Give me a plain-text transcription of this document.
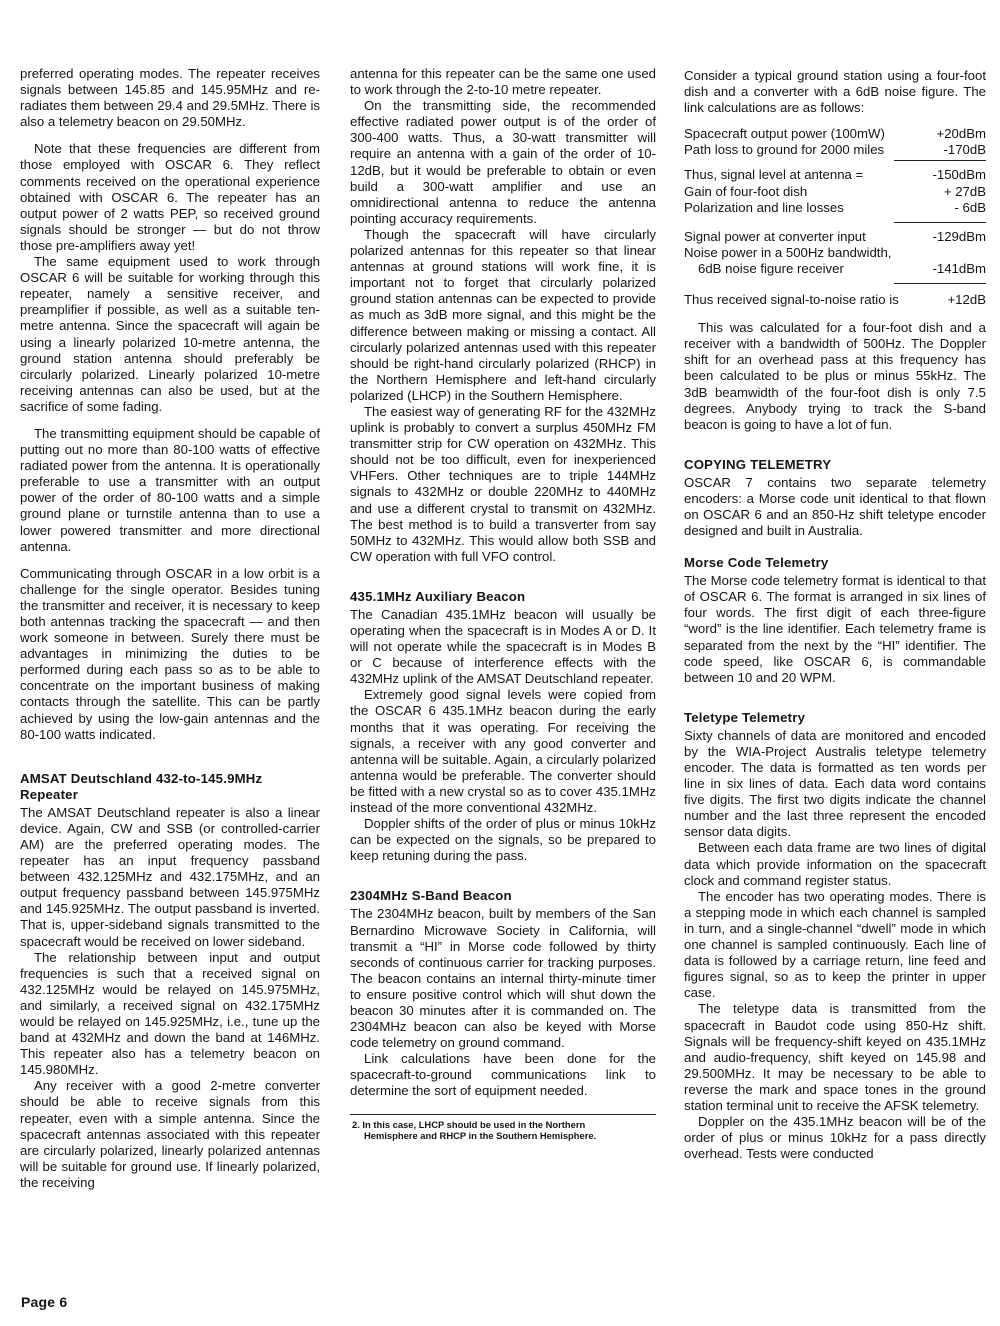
preferred operating modes. The repeater receives signals between 145.85 and 145.95MHz and re-radiates them between 29.4 and 29.5MHz. There is also a telemetry beacon on 29.50MHz.

Note that these frequencies are different from those employed with OSCAR 6. They reflect comments received on the operational experience obtained with OSCAR 6. The repeater has an output power of 2 watts PEP, so received ground signals should be stronger — but do not throw those pre-amplifiers away yet!

The same equipment used to work through OSCAR 6 will be suitable for working through this repeater, namely a sensitive receiver, and preamplifier if possible, as well as a suitable ten-metre antenna. Since the spacecraft will again be using a linearly polarized 10-metre antenna, the ground station antenna should preferably be circularly polarized. Linearly polarized 10-metre receiving antennas can also be used, but at the sacrifice of some fading.

The transmitting equipment should be capable of putting out no more than 80-100 watts of effective radiated power from the antenna. It is operationally preferable to use a transmitter with an output power of the order of 80-100 watts and a simple ground plane or turnstile antenna than to use a lower powered transmitter and more directional antenna.

Communicating through OSCAR in a low orbit is a challenge for the single operator. Besides tuning the transmitter and receiver, it is necessary to keep both antennas tracking the spacecraft — and then work someone in between. Surely there must be advantages in minimizing the duties to be performed during each pass so as to be able to concentrate on the important business of making contacts through the satellite. This can be partly achieved by using the low-gain antennas and the 80-100 watts indicated.

AMSAT Deutschland 432-to-145.9MHz Repeater

The AMSAT Deutschland repeater is also a linear device. Again, CW and SSB (or controlled-carrier AM) are the preferred operating modes. The repeater has an input frequency passband between 432.125MHz and 432.175MHz, and an output frequency passband between 145.975MHz and 145.925MHz. The output passband is inverted. That is, upper-sideband signals transmitted to the spacecraft would be received on lower sideband.

The relationship between input and output frequencies is such that a received signal on 432.125MHz would be relayed on 145.975MHz, and similarly, a received signal on 432.175MHz would be relayed on 145.925MHz, i.e., tune up the band at 432MHz and down the band at 146MHz. This repeater also has a telemetry beacon on 145.980MHz.

Any receiver with a good 2-metre converter should be able to receive signals from this repeater, even with a simple antenna. Since the spacecraft antennas associated with this repeater are circularly polarized, linearly polarized antennas will be suitable for ground use. If linearly polarized, the receiving

antenna for this repeater can be the same one used to work through the 2-to-10 metre repeater.

On the transmitting side, the recommended effective radiated power output is of the order of 300-400 watts. Thus, a 30-watt transmitter will require an antenna with a gain of the order of 10-12dB, but it would be preferable to obtain or even build a 300-watt amplifier and use an omnidirectional antenna to reduce the antenna pointing accuracy requirements.

Though the spacecraft will have circularly polarized antennas for this repeater so that linear antennas at ground stations will work fine, it is important not to forget that circularly polarized ground station antennas can be expected to provide as much as 3dB more signal, and this might be the difference between making or missing a contact. All circularly polarized antennas used with this repeater should be right-hand circularly polarized (RHCP) in the Northern Hemisphere and left-hand circularly polarized (LHCP) in the Southern Hemisphere.

The easiest way of generating RF for the 432MHz uplink is probably to convert a surplus 450MHz FM transmitter strip for CW operation on 432MHz. This should not be too difficult, even for inexperienced VHFers. Other techniques are to triple 144MHz signals to 432MHz or double 220MHz to 440MHz and use a different crystal to transmit on 432MHz. The best method is to build a transverter from say 50MHz to 432MHz. This would allow both SSB and CW operation with full VFO control.

435.1MHz Auxiliary Beacon

The Canadian 435.1MHz beacon will usually be operating when the spacecraft is in Modes A or D. It will not operate while the spacecraft is in Modes B or C because of interference effects with the 432MHz uplink of the AMSAT Deutschland repeater.

Extremely good signal levels were copied from the OSCAR 6 435.1MHz beacon during the early months that it was operating. For receiving the signals, a receiver with any good converter and antenna will be suitable. Again, a circularly polarized antenna would be preferable. The converter should be fitted with a new crystal so as to cover 435.1MHz instead of the more conventional 432MHz.

Doppler shifts of the order of plus or minus 10kHz can be expected on the signals, so be prepared to keep retuning during the pass.

2304MHz S-Band Beacon

The 2304MHz beacon, built by members of the San Bernardino Microwave Society in California, will transmit a “HI” in Morse code followed by thirty seconds of continuous carrier for tracking purposes. The beacon contains an internal thirty-minute timer to ensure positive control which will shut down the beacon 30 minutes after it is commanded on. The 2304MHz beacon can also be keyed with Morse code telemetry on ground command.

Link calculations have been done for the spacecraft-to-ground communications link to determine the sort of equipment needed.

2. In this case, LHCP should be used in the Northern
Hemisphere and RHCP in the Southern Hemisphere.

Consider a typical ground station using a four-foot dish and a converter with a 6dB noise figure. The link calculations are as follows:

Spacecraft output power (100mW)	+20dBm
Path loss to ground for 2000 miles	-170dB
Thus, signal level at antenna =	-150dBm
Gain of four-foot dish	+ 27dB
Polarization and line losses	- 6dB
Signal power at converter input	-129dBm
Noise power in a 500Hz bandwidth,
6dB noise figure receiver	-141dBm
Thus received signal-to-noise ratio is	+12dB

This was calculated for a four-foot dish and a receiver with a bandwidth of 500Hz. The Doppler shift for an overhead pass at this frequency has been calculated to be plus or minus 55kHz. The 3dB beamwidth of the four-foot dish is only 7.5 degrees. Anybody trying to track the S-band beacon is going to have a lot of fun.

COPYING TELEMETRY

OSCAR 7 contains two separate telemetry encoders: a Morse code unit identical to that flown on OSCAR 6 and an 850-Hz shift teletype encoder designed and built in Australia.

Morse Code Telemetry

The Morse code telemetry format is identical to that of OSCAR 6. The format is arranged in six lines of four words. The first digit of each three-figure “word” is the line identifier. Each telemetry frame is separated from the next by the “HI” identifier. The code speed, like OSCAR 6, is commandable between 10 and 20 WPM.

Teletype Telemetry

Sixty channels of data are monitored and encoded by the WIA-Project Australis teletype telemetry encoder. The data is formatted as ten words per line in six lines of data. Each data word contains five digits. The first two digits indicate the channel number and the last three represent the encoded sensor data digits.

Between each data frame are two lines of digital data which provide information on the spacecraft clock and command register status.

The encoder has two operating modes. There is a stepping mode in which each channel is sampled in turn, and a single-channel “dwell” mode in which one channel is sampled continuously. Each line of data is followed by a carriage return, line feed and figures signal, so as to keep the printer in upper case.

The teletype data is transmitted from the spacecraft in Baudot code using 850-Hz shift. Signals will be frequency-shift keyed on 435.1MHz and audio-frequency, shift keyed on 145.98 and 29.500MHz. It may be necessary to be able to reverse the mark and space tones in the ground station terminal unit to receive the AFSK telemetry.

Doppler on the 435.1MHz beacon will be of the order of plus or minus 10kHz for a pass directly overhead. Tests were conducted

Page 6
